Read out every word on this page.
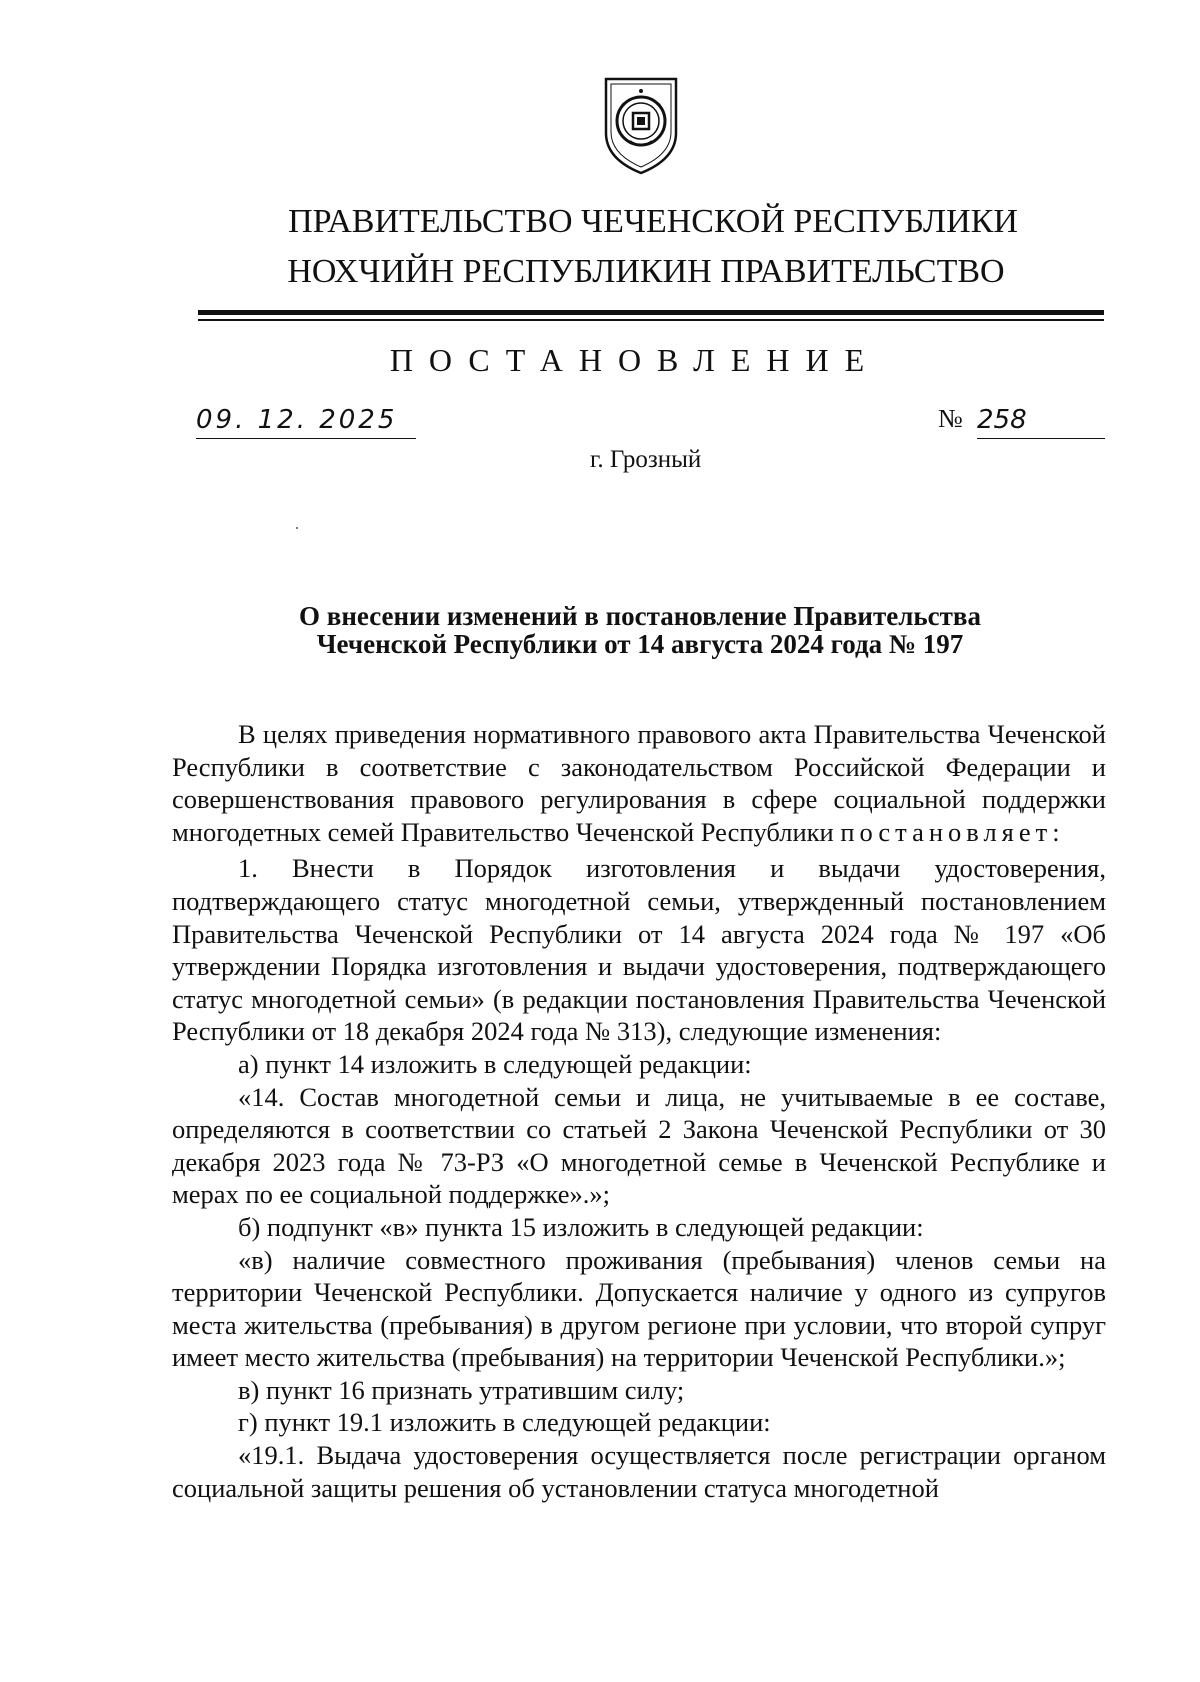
ПРАВИТЕЛЬСТВО ЧЕЧЕНСКОЙ РЕСПУБЛИКИ
НОХЧИЙН РЕСПУБЛИКИН ПРАВИТЕЛЬСТВО
ПОСТАНОВЛЕНИЕ
09. 12. 2025	№ 258
г. Грозный
О внесении изменений в постановление Правительства
Чеченской Республики от 14 августа 2024 года № 197

В целях приведения нормативного правового акта Правительства Чеченской Республики в соответствие с законодательством Российской Федерации и совершенствования правового регулирования в сфере социальной поддержки многодетных семей Правительство Чеченской Республики постановляет:

1. Внести в Порядок изготовления и выдачи удостоверения, подтверждающего статус многодетной семьи, утвержденный постановлением Правительства Чеченской Республики от 14 августа 2024 года № 197 «Об утверждении Порядка изготовления и выдачи удостоверения, подтверждающего статус многодетной семьи» (в редакции постановления Правительства Чеченской Республики от 18 декабря 2024 года № 313), следующие изменения:

а) пункт 14 изложить в следующей редакции:

«14. Состав многодетной семьи и лица, не учитываемые в ее составе, определяются в соответствии со статьей 2 Закона Чеченской Республики от 30 декабря 2023 года № 73-РЗ «О многодетной семье в Чеченской Республике и мерах по ее социальной поддержке».»;

б) подпункт «в» пункта 15 изложить в следующей редакции:

«в) наличие совместного проживания (пребывания) членов семьи на территории Чеченской Республики. Допускается наличие у одного из супругов места жительства (пребывания) в другом регионе при условии, что второй супруг имеет место жительства (пребывания) на территории Чеченской Республики.»;

в) пункт 16 признать утратившим силу;

г) пункт 19.1 изложить в следующей редакции:

«19.1. Выдача удостоверения осуществляется после регистрации органом социальной защиты решения об установлении статуса многодетной
